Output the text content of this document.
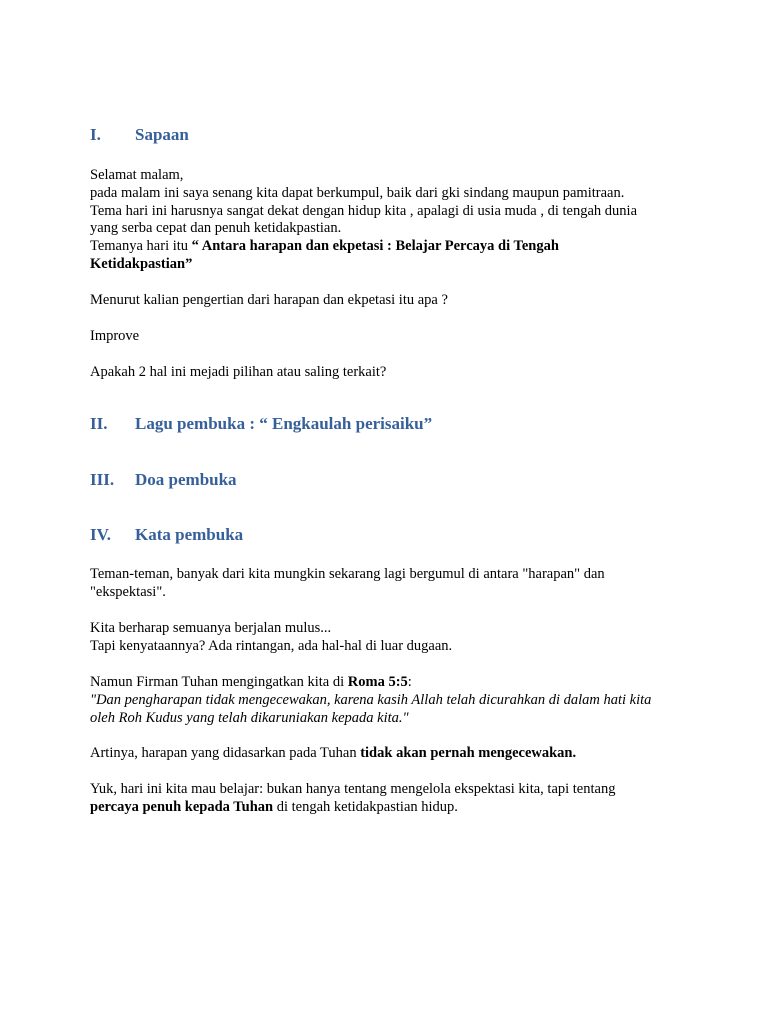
I. Sapaan

Selamat malam,
pada malam ini saya senang kita dapat berkumpul, baik dari gki sindang maupun pamitraan.
Tema hari ini harusnya sangat dekat dengan hidup kita , apalagi di usia muda , di tengah dunia
yang serba cepat dan penuh ketidakpastian.
Temanya hari itu “ Antara harapan dan ekpetasi : Belajar Percaya di Tengah
Ketidakpastian”

Menurut kalian pengertian dari harapan dan ekpetasi itu apa ?

Improve

Apakah 2 hal ini mejadi pilihan atau saling terkait?

II. Lagu pembuka : “ Engkaulah perisaiku”
III. Doa pembuka
IV. Kata pembuka

Teman-teman, banyak dari kita mungkin sekarang lagi bergumul di antara "harapan" dan
"ekspektasi".

Kita berharap semuanya berjalan mulus...
Tapi kenyataannya? Ada rintangan, ada hal-hal di luar dugaan.

Namun Firman Tuhan mengingatkan kita di Roma 5:5:
"Dan pengharapan tidak mengecewakan, karena kasih Allah telah dicurahkan di dalam hati kita
oleh Roh Kudus yang telah dikaruniakan kepada kita."

Artinya, harapan yang didasarkan pada Tuhan tidak akan pernah mengecewakan.

Yuk, hari ini kita mau belajar: bukan hanya tentang mengelola ekspektasi kita, tapi tentang
percaya penuh kepada Tuhan di tengah ketidakpastian hidup.
